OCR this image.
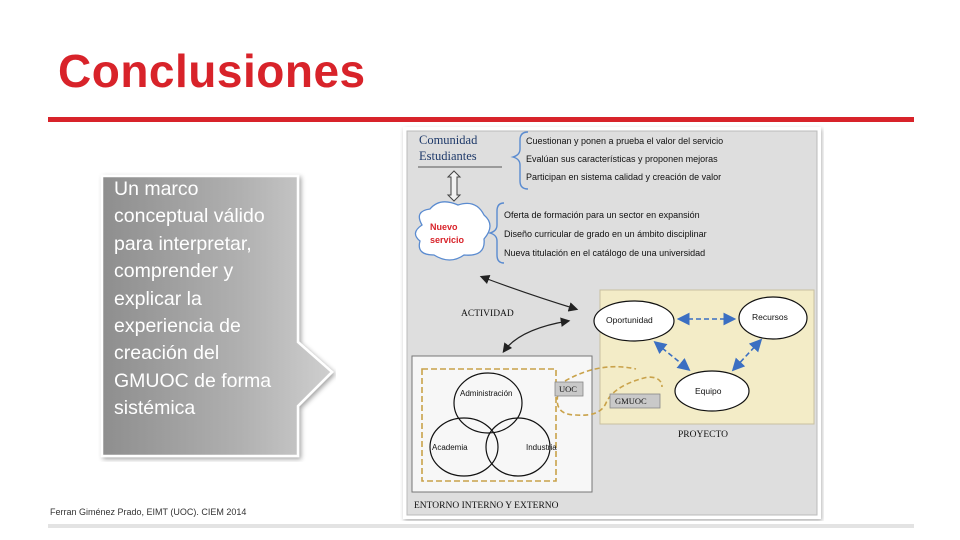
Conclusiones
Un marco conceptual válido para interpretar, comprender y explicar la experiencia de creación del GMUOC de forma sistémica
Comunidad
Estudiantes
Cuestionan y ponen a prueba el valor del servicio
Evalúan sus características y proponen mejoras
Participan en sistema calidad y creación de valor
Nuevo
servicio
Oferta de formación para un sector en expansión
Diseño curricular de grado en un ámbito disciplinar
Nueva titulación en el catálogo de una universidad
ACTIVIDAD
Oportunidad	Recursos
Equipo
PROYECTO
Administración
Academia	Industria
UOC
GMUOC
ENTORNO INTERNO Y EXTERNO
Ferran Giménez Prado, EIMT (UOC). CIEM 2014
